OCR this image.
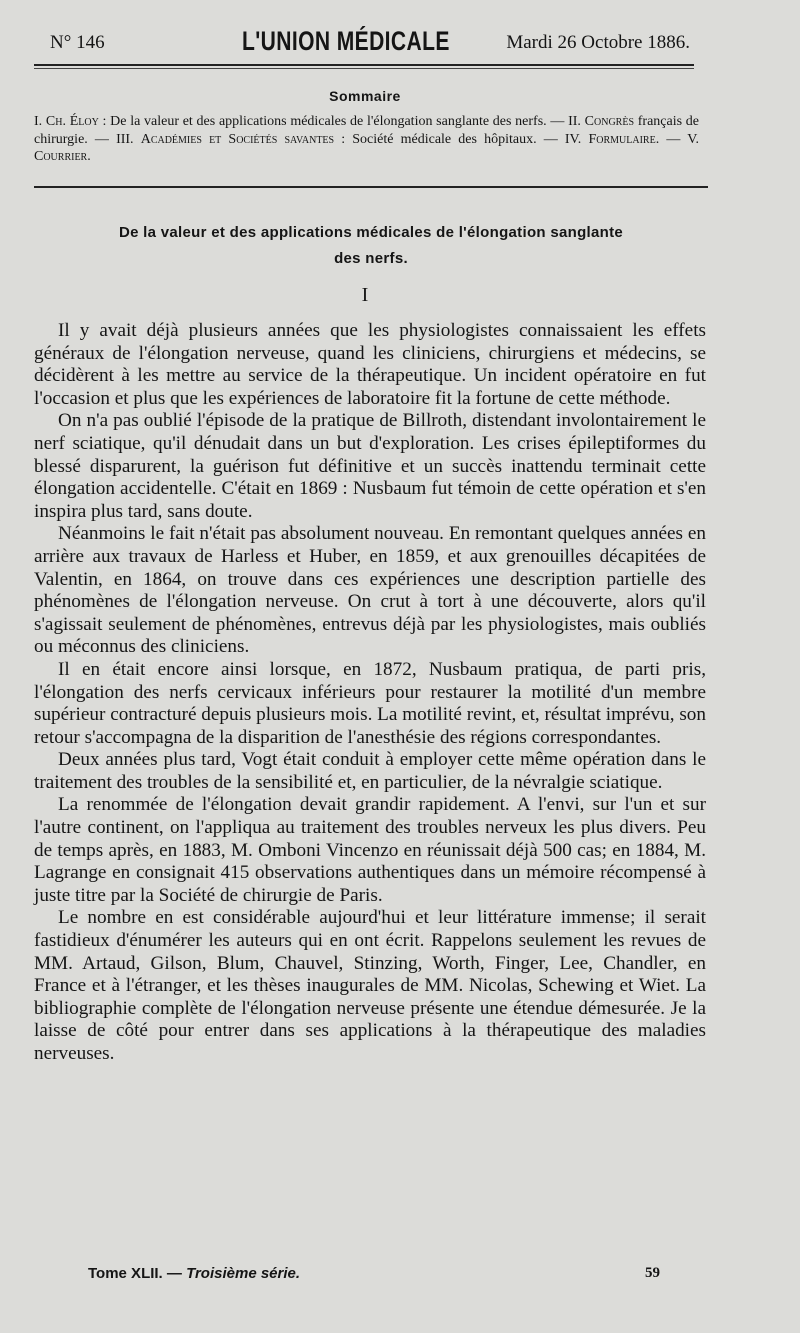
N° 146	L'UNION MÉDICALE	Mardi 26 Octobre 1886.
Sommaire
I. Ch. Éloy : De la valeur et des applications médicales de l'élongation sanglante des nerfs. — II. Congrès français de chirurgie. — III. Académies et Sociétés savantes : Société médicale des hôpitaux. — IV. Formulaire. — V. Courrier.
De la valeur et des applications médicales de l'élongation sanglante
des nerfs.
I

Il y avait déjà plusieurs années que les physiologistes connaissaient les effets généraux de l'élongation nerveuse, quand les cliniciens, chirurgiens et médecins, se décidèrent à les mettre au service de la thérapeutique. Un incident opératoire en fut l'occasion et plus que les expériences de laboratoire fit la fortune de cette méthode.

On n'a pas oublié l'épisode de la pratique de Billroth, distendant involontairement le nerf sciatique, qu'il dénudait dans un but d'exploration. Les crises épileptiformes du blessé disparurent, la guérison fut définitive et un succès inattendu terminait cette élongation accidentelle. C'était en 1869 : Nusbaum fut témoin de cette opération et s'en inspira plus tard, sans doute.

Néanmoins le fait n'était pas absolument nouveau. En remontant quelques années en arrière aux travaux de Harless et Huber, en 1859, et aux grenouilles décapitées de Valentin, en 1864, on trouve dans ces expériences une description partielle des phénomènes de l'élongation nerveuse. On crut à tort à une découverte, alors qu'il s'agissait seulement de phénomènes, entrevus déjà par les physiologistes, mais oubliés ou méconnus des cliniciens.

Il en était encore ainsi lorsque, en 1872, Nusbaum pratiqua, de parti pris, l'élongation des nerfs cervicaux inférieurs pour restaurer la motilité d'un membre supérieur contracturé depuis plusieurs mois. La motilité revint, et, résultat imprévu, son retour s'accompagna de la disparition de l'anesthésie des régions correspondantes.

Deux années plus tard, Vogt était conduit à employer cette même opération dans le traitement des troubles de la sensibilité et, en particulier, de la névralgie sciatique.

La renommée de l'élongation devait grandir rapidement. A l'envi, sur l'un et sur l'autre continent, on l'appliqua au traitement des troubles nerveux les plus divers. Peu de temps après, en 1883, M. Omboni Vincenzo en réunissait déjà 500 cas; en 1884, M. Lagrange en consignait 415 observations authentiques dans un mémoire récompensé à juste titre par la Société de chirurgie de Paris.

Le nombre en est considérable aujourd'hui et leur littérature immense; il serait fastidieux d'énumérer les auteurs qui en ont écrit. Rappelons seulement les revues de MM. Artaud, Gilson, Blum, Chauvel, Stinzing, Worth, Finger, Lee, Chandler, en France et à l'étranger, et les thèses inaugurales de MM. Nicolas, Schewing et Wiet. La bibliographie complète de l'élongation nerveuse présente une étendue démesurée. Je la laisse de côté pour entrer dans ses applications à la thérapeutique des maladies nerveuses.

Tome XLII. — Troisième série.	59
